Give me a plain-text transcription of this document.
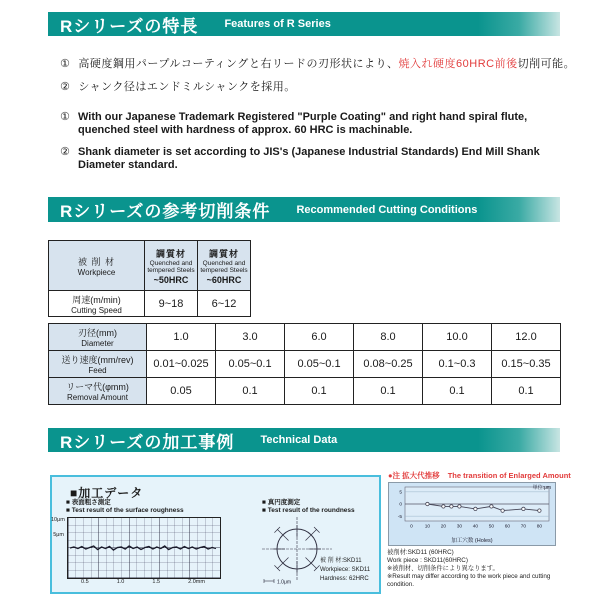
Rシリーズの特長 Features of R Series
① 高硬度鋼用パープルコーティングと右リードの刃形状により、焼入れ硬度60HRC前後切削可能。
② シャンク径はエンドミルシャンクを採用。
① With our Japanese Trademark Registered "Purple Coating" and right hand spiral flute, quenched steel with hardness of approx. 60 HRC is machinable.
② Shank diameter is set according to JIS's (Japanese Industrial Standards) End Mill Shank Diameter standard.
Rシリーズの参考切削条件 Recommended Cutting Conditions
被 削 材
Workpiece

調質材
Quenched and
tempered Steels
~50HRC

調質材
Quenched and
tempered Steels
~60HRC

周速(m/min)
Cutting Speed	9~18	6~12
刃径(mm)
Diameter	1.0	3.0	6.0	8.0	10.0	12.0

送り速度(mm/rev)
Feed	0.01~0.025	0.05~0.1	0.05~0.1	0.08~0.25	0.1~0.3	0.15~0.35

リーマ代(φmm)
Removal Amount	0.05	0.1	0.1	0.1	0.1	0.1
Rシリーズの加工事例 Technical Data
■加工データ
■ 表面粗さ測定
■ Test result of the surface roughness
10μm
5μm
0.5	1.0	1.5	2.0mm
■ 真円度測定
■ Test result of the roundness
1.0μm
被 削 材:SKD11
Workpiece: SKD11
Hardness: 62HRC
●注 拡大代推移 The transition of Enlarged Amount
単位:μm
5
0
-5
0 10 20 30 40 50 60 70 80
加工穴数 (Holes)
被削材:SKD11 (60HRC)
Work piece : SKD11(60HRC)
※被削材、切削条件により異なります。
※Result may differ according to the work piece and cutting condition.
